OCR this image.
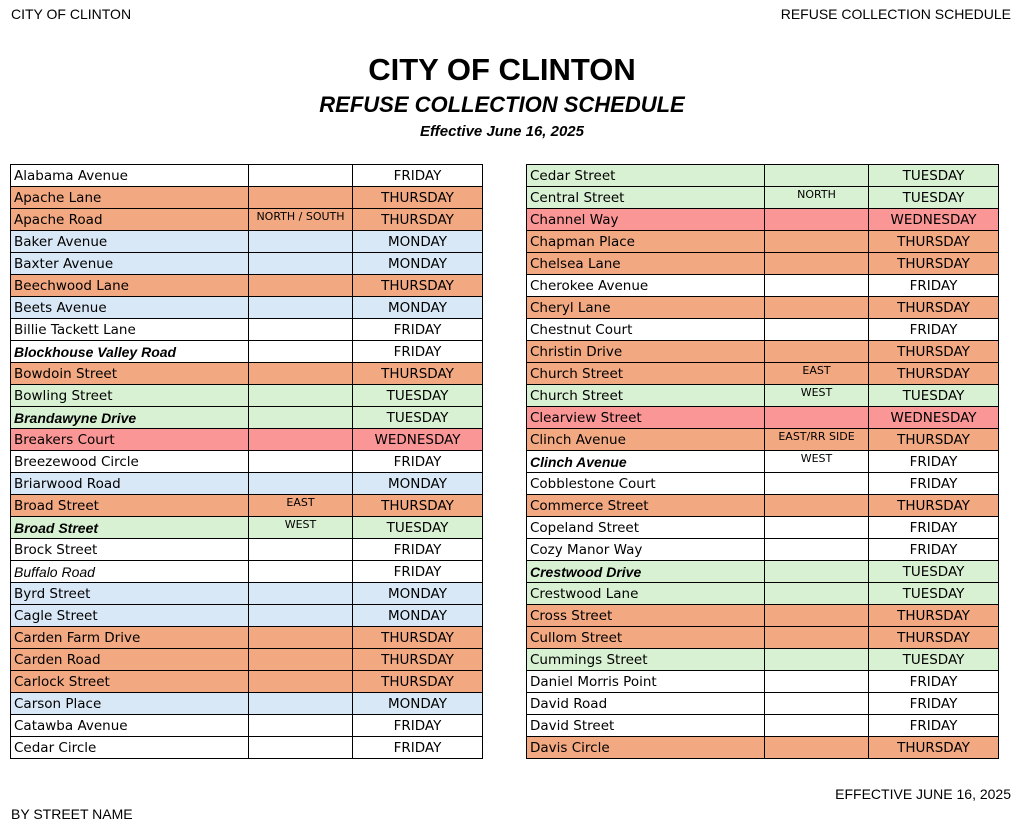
CITY OF CLINTON	REFUSE COLLECTION SCHEDULE
CITY OF CLINTON
REFUSE COLLECTION SCHEDULE
Effective June 16, 2025
Alabama Avenue		FRIDAY
Apache Lane		THURSDAY
Apache Road	NORTH / SOUTH	THURSDAY
Baker Avenue		MONDAY
Baxter Avenue		MONDAY
Beechwood Lane		THURSDAY
Beets Avenue		MONDAY
Billie Tackett Lane		FRIDAY
Blockhouse Valley Road		FRIDAY
Bowdoin Street		THURSDAY
Bowling Street		TUESDAY
Brandawyne Drive		TUESDAY
Breakers Court		WEDNESDAY
Breezewood Circle		FRIDAY
Briarwood Road		MONDAY
Broad Street	EAST	THURSDAY
Broad Street	WEST	TUESDAY
Brock Street		FRIDAY
Buffalo Road		FRIDAY
Byrd Street		MONDAY
Cagle Street		MONDAY
Carden Farm Drive		THURSDAY
Carden Road		THURSDAY
Carlock Street		THURSDAY
Carson Place		MONDAY
Catawba Avenue		FRIDAY
Cedar Circle		FRIDAY
Cedar Street		TUESDAY
Central Street	NORTH	TUESDAY
Channel Way		WEDNESDAY
Chapman Place		THURSDAY
Chelsea Lane		THURSDAY
Cherokee Avenue		FRIDAY
Cheryl Lane		THURSDAY
Chestnut Court		FRIDAY
Christin Drive		THURSDAY
Church Street	EAST	THURSDAY
Church Street	WEST	TUESDAY
Clearview Street		WEDNESDAY
Clinch Avenue	EAST/RR SIDE	THURSDAY
Clinch Avenue	WEST	FRIDAY
Cobblestone Court		FRIDAY
Commerce Street		THURSDAY
Copeland Street		FRIDAY
Cozy Manor Way		FRIDAY
Crestwood Drive		TUESDAY
Crestwood Lane		TUESDAY
Cross Street		THURSDAY
Cullom Street		THURSDAY
Cummings Street		TUESDAY
Daniel Morris Point		FRIDAY
David Road		FRIDAY
David Street		FRIDAY
Davis Circle		THURSDAY
BY STREET NAME
EFFECTIVE JUNE 16, 2025
